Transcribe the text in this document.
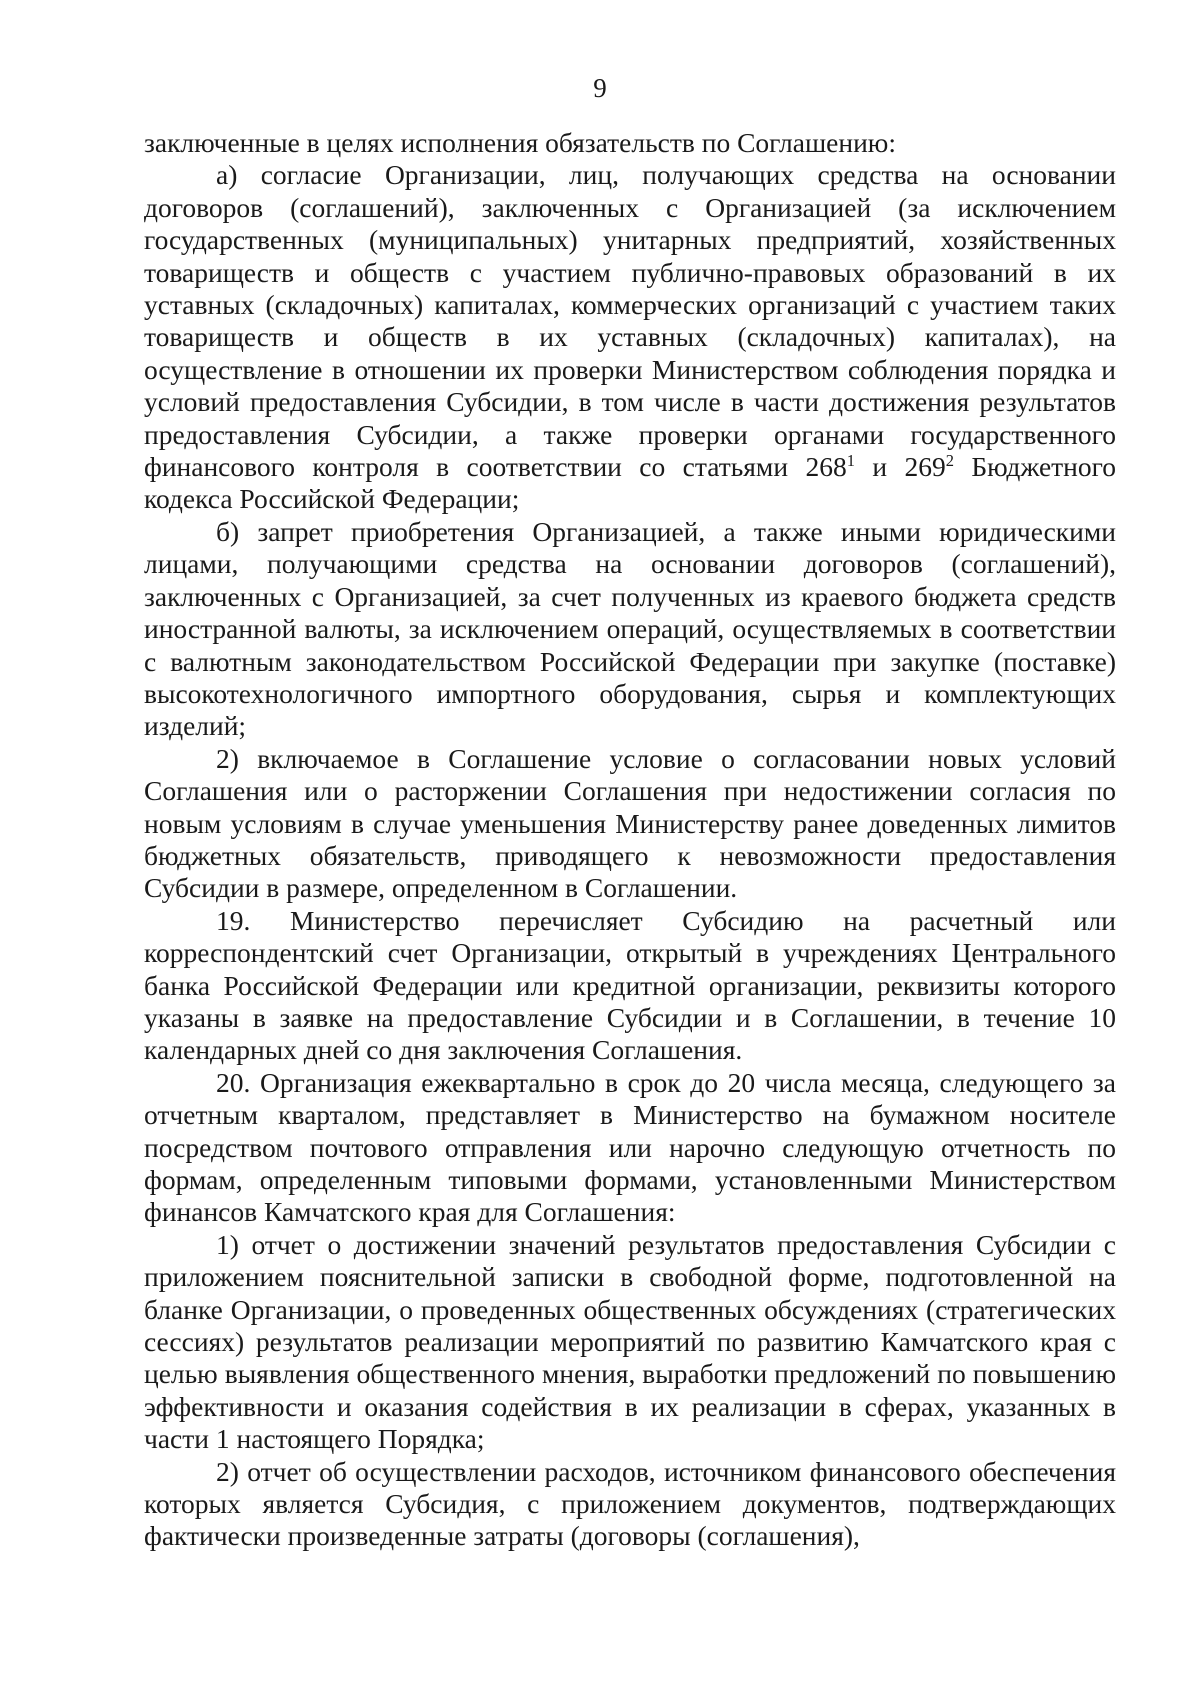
9

заключенные в целях исполнения обязательств по Соглашению:

а) согласие Организации, лиц, получающих средства на основании договоров (соглашений), заключенных с Организацией (за исключением государственных (муниципальных) унитарных предприятий, хозяйственных товариществ и обществ с участием публично-правовых образований в их уставных (складочных) капиталах, коммерческих организаций с участием таких товариществ и обществ в их уставных (складочных) капиталах), на осуществление в отношении их проверки Министерством соблюдения порядка и условий предоставления Субсидии, в том числе в части достижения результатов предоставления Субсидии, а также проверки органами государственного финансового контроля в соответствии со статьями $268^1$ и $269^2$ Бюджетного кодекса Российской Федерации;

б) запрет приобретения Организацией, а также иными юридическими лицами, получающими средства на основании договоров (соглашений), заключенных с Организацией, за счет полученных из краевого бюджета средств иностранной валюты, за исключением операций, осуществляемых в соответствии с валютным законодательством Российской Федерации при закупке (поставке) высокотехнологичного импортного оборудования, сырья и комплектующих изделий;

2) включаемое в Соглашение условие о согласовании новых условий Соглашения или о расторжении Соглашения при недостижении согласия по новым условиям в случае уменьшения Министерству ранее доведенных лимитов бюджетных обязательств, приводящего к невозможности предоставления Субсидии в размере, определенном в Соглашении.

19. Министерство перечисляет Субсидию на расчетный или корреспондентский счет Организации, открытый в учреждениях Центрального банка Российской Федерации или кредитной организации, реквизиты которого указаны в заявке на предоставление Субсидии и в Соглашении, в течение 10 календарных дней со дня заключения Соглашения.

20. Организация ежеквартально в срок до 20 числа месяца, следующего за отчетным кварталом, представляет в Министерство на бумажном носителе посредством почтового отправления или нарочно следующую отчетность по формам, определенным типовыми формами, установленными Министерством финансов Камчатского края для Соглашения:

1) отчет о достижении значений результатов предоставления Субсидии с приложением пояснительной записки в свободной форме, подготовленной на бланке Организации, о проведенных общественных обсуждениях (стратегических сессиях) результатов реализации мероприятий по развитию Камчатского края с целью выявления общественного мнения, выработки предложений по повышению эффективности и оказания содействия в их реализации в сферах, указанных в части 1 настоящего Порядка;

2) отчет об осуществлении расходов, источником финансового обеспечения которых является Субсидия, с приложением документов, подтверждающих фактически произведенные затраты (договоры (соглашения),
